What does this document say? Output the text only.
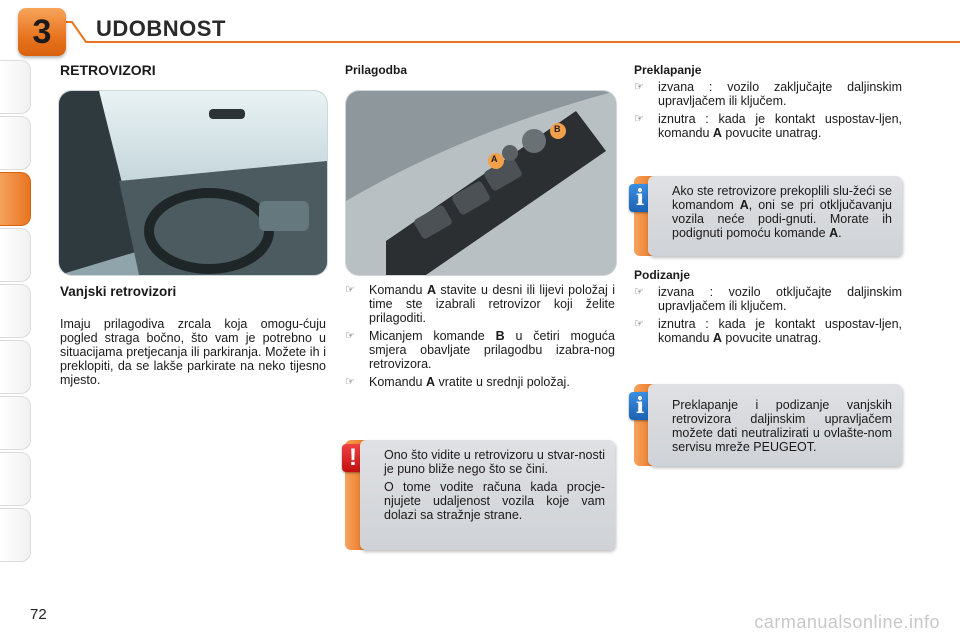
3 UDOBNOST
RETROVIZORI
Vanjski retrovizori
Imaju prilagodiva zrcala koja omogu-ćuju pogled straga bočno, što vam je potrebno u situacijama pretjecanja ili parkiranja. Možete ih i preklopiti, da se lakše parkirate na neko tijesno mjesto.
Prilagodba
A
B
☞ Komandu A stavite u desni ili lijevi položaj i time ste izabrali retrovizor koji želite prilagoditi.
☞ Micanjem komande B u četiri moguća smjera obavljate prilagodbu izabra-nog retrovizora.
☞ Komandu A vratite u srednji položaj.
! Ono što vidite u retrovizoru u stvar-nosti je puno bliže nego što se čini.

O tome vodite računa kada procje-njujete udaljenost vozila koje vam dolazi sa stražnje strane.

Preklapanje
☞ izvana : vozilo zaključajte daljinskim upravljačem ili ključem.
☞ iznutra : kada je kontakt uspostav-ljen, komandu A povucite unatrag.
i Ako ste retrovizore prekoplili slu-žeći se komandom A, oni se pri otključavanju vozila neće podi-gnuti. Morate ih podignuti pomoću komande A.

Podizanje
☞ izvana : vozilo otključajte daljinskim upravljačem ili ključem.
☞ iznutra : kada je kontakt uspostav-ljen, komandu A povucite unatrag.
i Preklapanje i podizanje vanjskih retrovizora daljinskim upravljačem možete dati neutralizirati u ovlašte-nom servisu mreže PEUGEOT.

72	carmanualsonline.info
